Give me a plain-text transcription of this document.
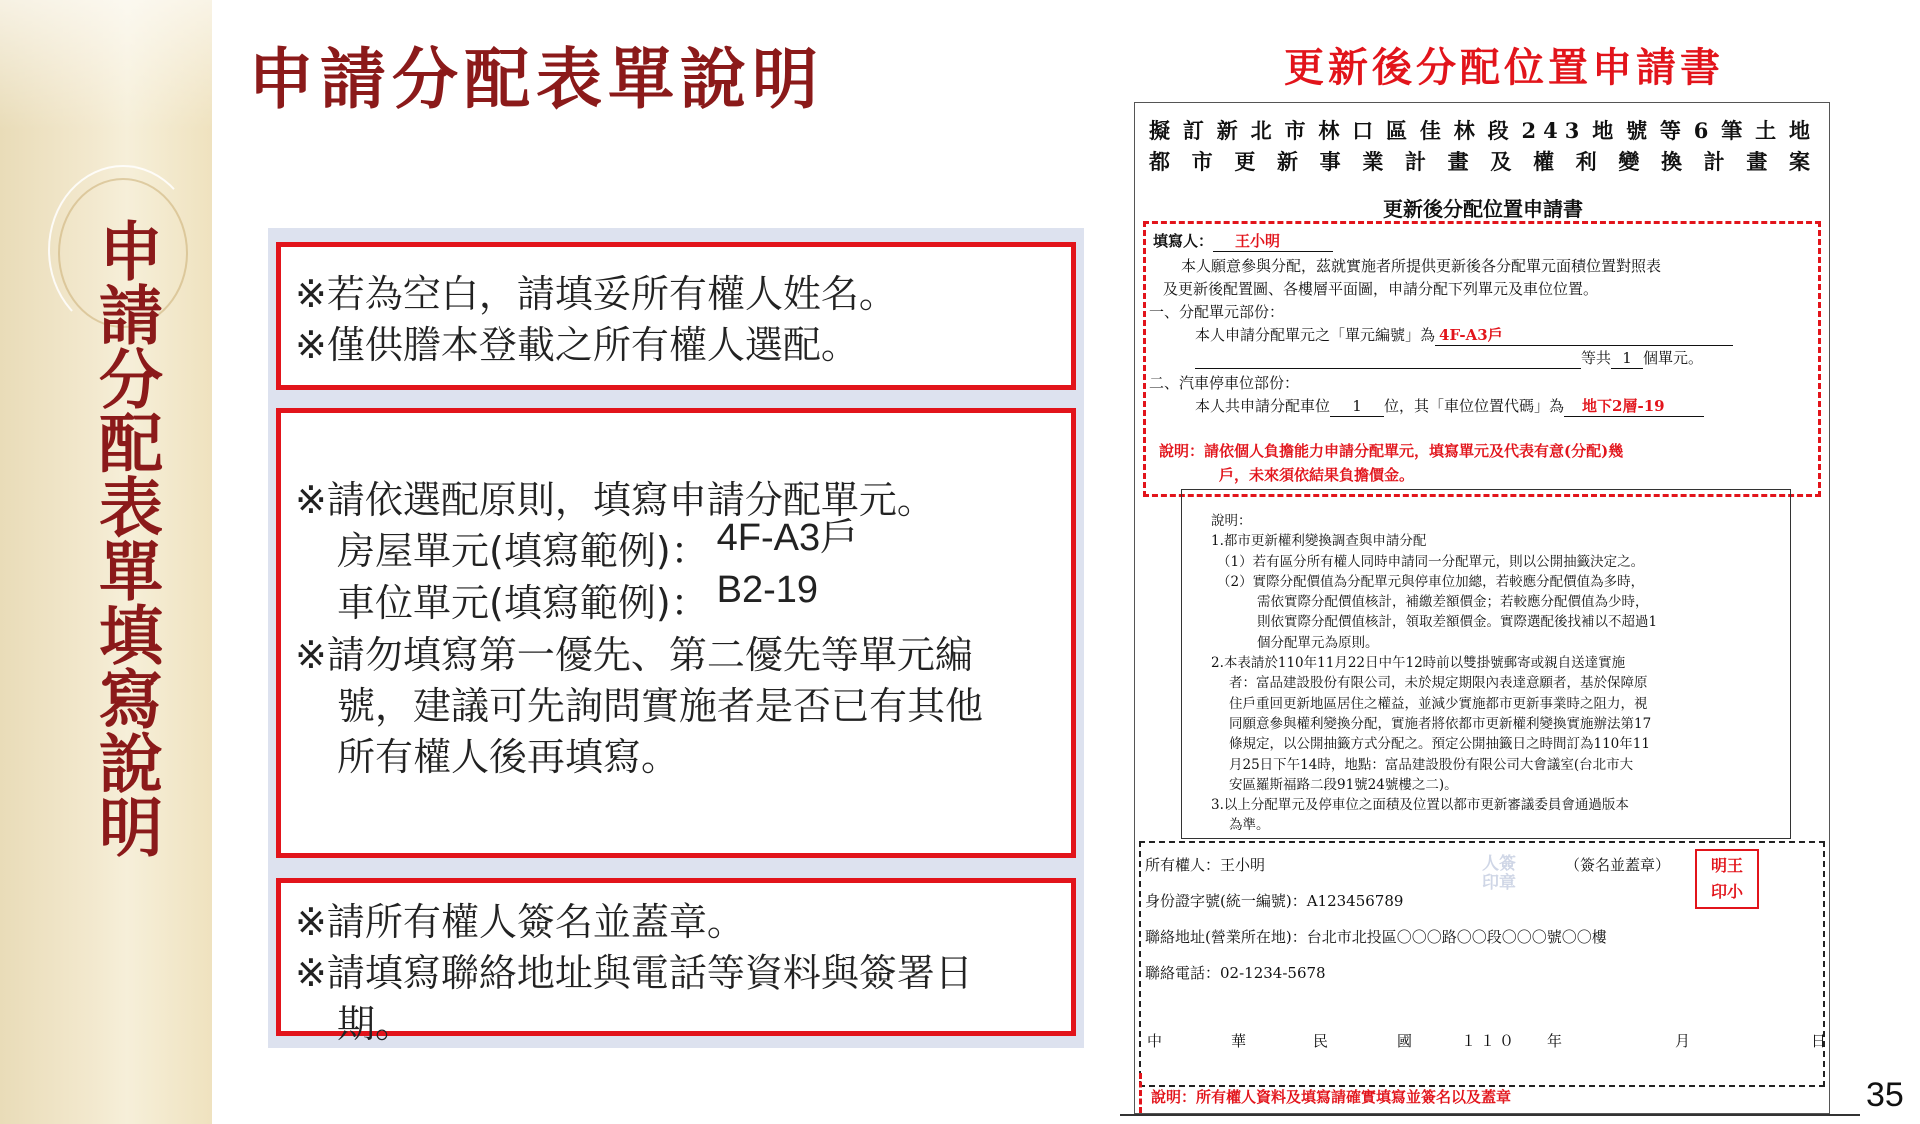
申請分配表單填寫說明
申請分配表單說明
※若為空白，請填妥所有權人姓名。
※僅供謄本登載之所有權人選配。
※請依選配原則，填寫申請分配單元。
房屋單元(填寫範例)： 4F-A3戶
車位單元(填寫範例)： B2-19
※請勿填寫第一優先、第二優先等單元編
號，建議可先詢問實施者是否已有其他
所有權人後再填寫。
※請所有權人簽名並蓋章。
※請填寫聯絡地址與電話等資料與簽署日
期。
更新後分配位置申請書
擬訂新北市林口區佳林段243地號等6筆土地
都市更新事業計畫及權利變換計畫案
更新後分配位置申請書
填寫人： 王小明
本人願意參與分配，茲就實施者所提供更新後各分配單元面積位置對照表
及更新後配置圖、各樓層平面圖，申請分配下列單元及車位位置。
一、分配單元部份：
本人申請分配單元之「單元編號」為 4F-A3戶
等共 1 個單元。
二、汽車停車位部份：
本人共申請分配車位 1 位，其「車位位置代碼」為 地下2層-19
說明：請依個人負擔能力申請分配單元，填寫單元及代表有意(分配)幾
戶，未來須依結果負擔價金。
說明：
1.都市更新權利變換調查與申請分配
（1）若有區分所有權人同時申請同一分配單元，則以公開抽籤決定之。
（2）實際分配價值為分配單元與停車位加總，若較應分配價值為多時，
需依實際分配價值核計，補繳差額價金；若較應分配價值為少時，
則依實際分配價值核計，領取差額價金。實際選配後找補以不超過1
個分配單元為原則。
2.本表請於110年11月22日中午12時前以雙掛號郵寄或親自送達實施
者：富品建設股份有限公司，未於規定期限內表達意願者，基於保障原
住戶重回更新地區居住之權益，並減少實施都市更新事業時之阻力，視
同願意參與權利變換分配，實施者將依都市更新權利變換實施辦法第17
條規定，以公開抽籤方式分配之。預定公開抽籤日之時間訂為110年11
月25日下午14時，地點：富品建設股份有限公司大會議室(台北市大
安區羅斯福路二段91號24號樓之二)。
3.以上分配單元及停車位之面積及位置以都市更新審議委員會通過版本
為準。
所有權人：王小明	人簽印章
（簽名並蓋章）	明王
印小
身份證字號(統一編號)：A123456789
聯絡地址(營業所在地)：台北市北投區〇〇〇路〇〇段〇〇〇號〇〇樓
聯絡電話：02-1234-5678
中	華	民	國	１１０ 年	月	日
說明：所有權人資料及填寫請確實填寫並簽名以及蓋章	35
